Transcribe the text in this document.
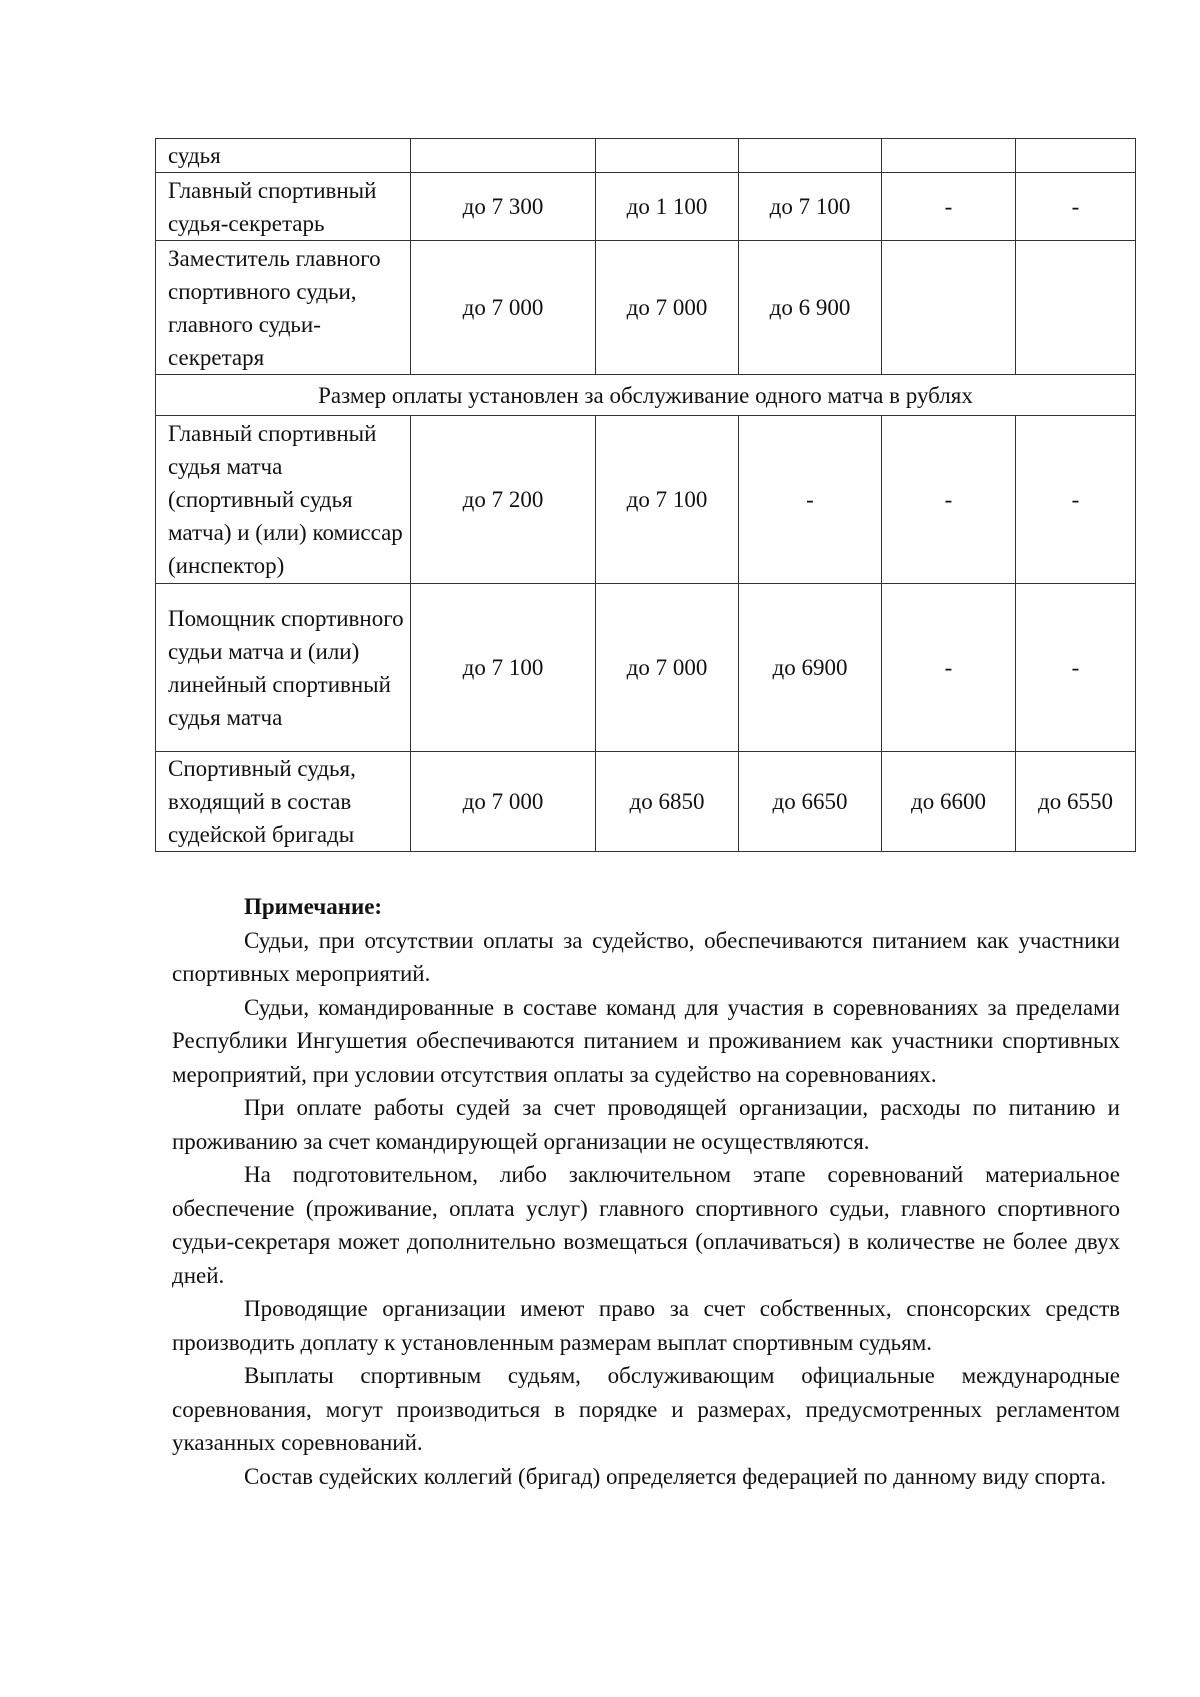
судья					
Главный спортивный судья-секретарь	до 7 300	до 1 100	до 7 100	-	-
Заместитель главного спортивного судьи, главного судьи-секретаря	до 7 000	до 7 000	до 6 900		
Размер оплаты установлен за обслуживание одного матча в рублях					
Главный спортивный судья матча (спортивный судья матча) и (или) комиссар (инспектор)	до 7 200	до 7 100	-	-	-
Помощник спортивного судьи матча и (или) линейный спортивный судья матча	до 7 100	до 7 000	до 6900	-	-
Спортивный судья, входящий в состав судейской бригады	до 7 000	до 6850	до 6650	до 6600	до 6550
Примечание:

Судьи, при отсутствии оплаты за судейство, обеспечиваются питанием как участники спортивных мероприятий.

Судьи, командированные в составе команд для участия в соревнованиях за пределами Республики Ингушетия обеспечиваются питанием и проживанием как участники спортивных мероприятий, при условии отсутствия оплаты за судейство на соревнованиях.

При оплате работы судей за счет проводящей организации, расходы по питанию и проживанию за счет командирующей организации не осуществляются.

На подготовительном, либо заключительном этапе соревнований материальное обеспечение (проживание, оплата услуг) главного спортивного судьи, главного спортивного судьи-секретаря может дополнительно возмещаться (оплачиваться) в количестве не более двух дней.

Проводящие организации имеют право за счет собственных, спонсорских средств производить доплату к установленным размерам выплат спортивным судьям.

Выплаты спортивным судьям, обслуживающим официальные международные соревнования, могут производиться в порядке и размерах, предусмотренных регламентом указанных соревнований.

Состав судейских коллегий (бригад) определяется федерацией по данному виду спорта.
